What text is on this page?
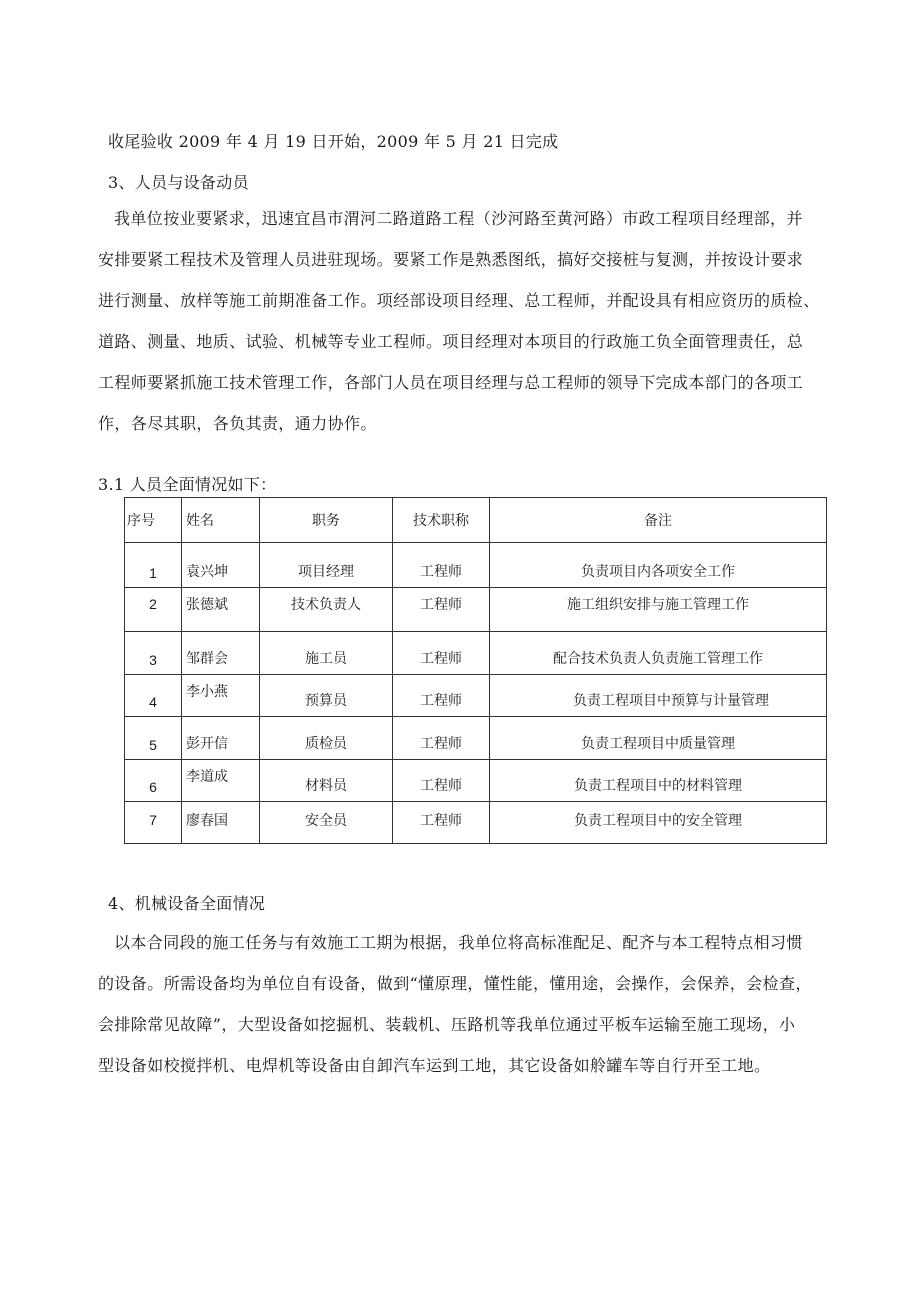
收尾验收 2009 年 4 月 19 日开始，2009 年 5 月 21 日完成
3、人员与设备动员
我单位按业要紧求，迅速宜昌市渭河二路道路工程（沙河路至黄河路）市政工程项目经理部，并
安排要紧工程技术及管理人员进驻现场。要紧工作是熟悉图纸，搞好交接桩与复测，并按设计要求
进行测量、放样等施工前期准备工作。项经部设项目经理、总工程师，并配设具有相应资历的质检、
道路、测量、地质、试验、机械等专业工程师。项目经理对本项目的行政施工负全面管理责任，总
工程师要紧抓施工技术管理工作，各部门人员在项目经理与总工程师的领导下完成本部门的各项工
作，各尽其职，各负其责，通力协作。
3.1 人员全面情况如下：
序号	姓名	职务	技术职称	备注
1	袁兴坤	项目经理	工程师	负责项目内各项安全工作
2	张德斌	技术负责人	工程师	施工组织安排与施工管理工作
3	邹群会	施工员	工程师	配合技术负责人负责施工管理工作
4	李小燕	预算员	工程师	负责工程项目中预算与计量管理
5	彭开信	质检员	工程师	负责工程项目中质量管理
6	李道成	材料员	工程师	负责工程项目中的材料管理
7	廖春国	安全员	工程师	负责工程项目中的安全管理
4、机械设备全面情况
以本合同段的施工任务与有效施工工期为根据，我单位将高标准配足、配齐与本工程特点相习惯
的设备。所需设备均为单位自有设备，做到“懂原理，懂性能，懂用途，会操作，会保养，会检查，
会排除常见故障”，大型设备如挖掘机、装载机、压路机等我单位通过平板车运输至施工现场，小
型设备如校搅拌机、电焊机等设备由自卸汽车运到工地，其它设备如舲罐车等自行开至工地。
